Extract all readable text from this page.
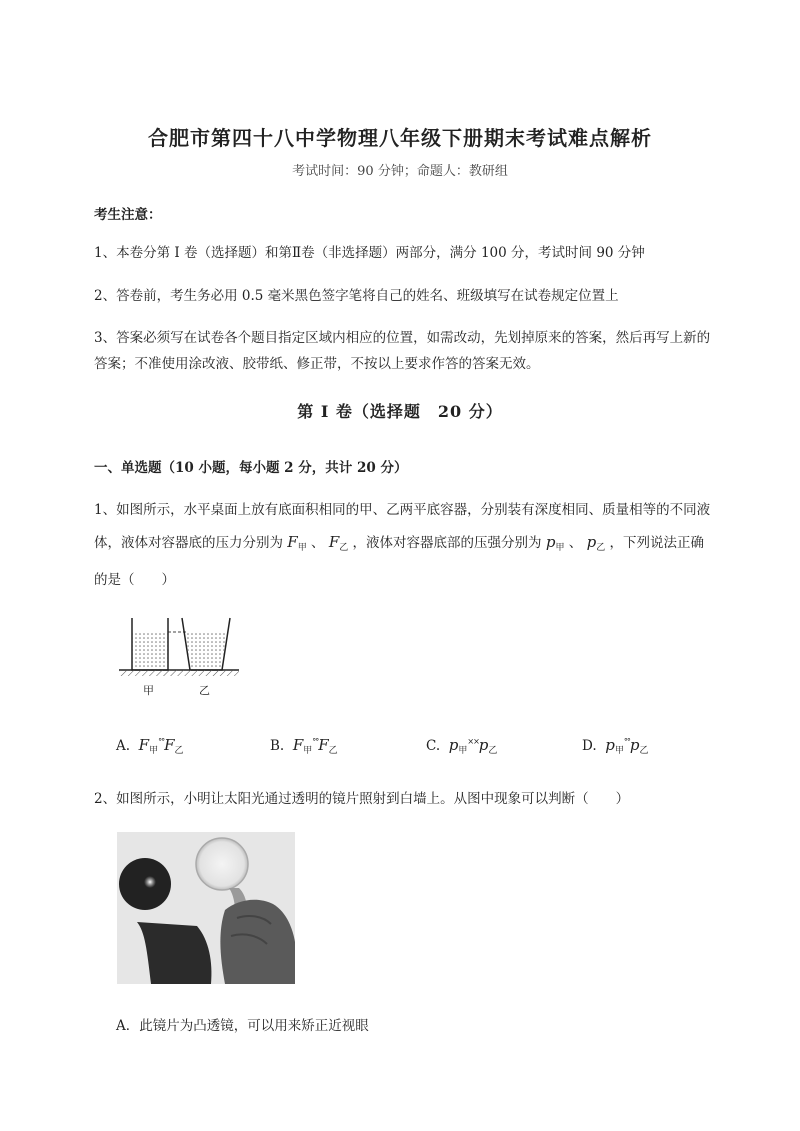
合肥市第四十八中学物理八年级下册期末考试难点解析
考试时间：90 分钟；命题人：教研组
考生注意：
1、本卷分第 I 卷（选择题）和第Ⅱ卷（非选择题）两部分，满分 100 分，考试时间 90 分钟
2、答卷前，考生务必用 0.5 毫米黑色签字笔将自己的姓名、班级填写在试卷规定位置上
3、答案必须写在试卷各个题目指定区域内相应的位置，如需改动，先划掉原来的答案，然后再写上新的答案；不准使用涂改液、胶带纸、修正带，不按以上要求作答的答案无效。
第 I 卷（选择题　20 分）
一、单选题（10 小题，每小题 2 分，共计 20 分）
1、如图所示，水平桌面上放有底面积相同的甲、乙两平底容器，分别装有深度相同、质量相等的不同液体，液体对容器底的压力分别为 $F_甲$ 、 $F_乙$ ，液体对容器底部的压强分别为 $p_甲$ 、 $p_乙$ ，下列说法正确的是（　　）
甲	乙
A. $F_甲^{^\circ^\circ}F_乙$	B. $F_甲^{^\circ^\circ}F_乙$	C. $p_甲^{\times\times}p_乙$	D. $p_甲^{^\circ^\circ}p_乙$
2、如图所示，小明让太阳光通过透明的镜片照射到白墙上。从图中现象可以判断（　　）
A．此镜片为凸透镜，可以用来矫正近视眼
